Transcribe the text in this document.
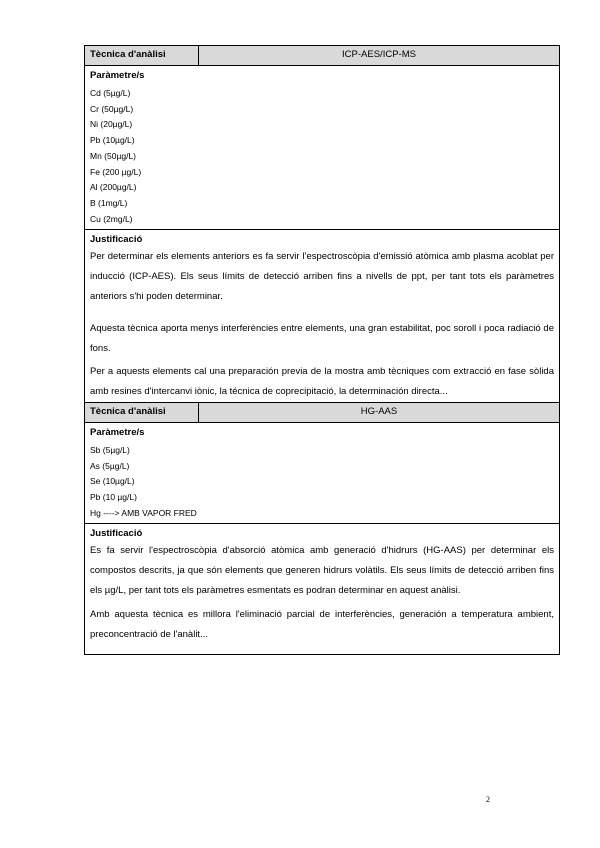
Tècnica d'anàlisi	ICP-AES/ICP-MS
Paràmetre/s
Cd (5µg/L)
Cr (50µg/L)
Ni (20µg/L)
Pb (10µg/L)
Mn (50µg/L)
Fe (200 µg/L)
Al (200µg/L)
B (1mg/L)
Cu (2mg/L)
Justificació
Per determinar els elements anteriors es fa servir l'espectroscòpia d'emissió atòmica amb plasma acoblat per inducció (ICP-AES). Els seus límits de detecció arriben fins a nivells de ppt, per tant tots els paràmetres anteriors s'hi poden determinar.
Aquesta tècnica aporta menys interferències entre elements, una gran estabilitat, poc soroll i poca radiació de fons.
Per a aquests elements cal una preparación previa de la mostra amb tècniques com extracció en fase sòlida amb resines d'intercanvi iònic, la técnica de coprecipitació, la determinación directa...
Tècnica d'anàlisi	HG-AAS
Paràmetre/s
Sb (5µg/L)
As (5µg/L)
Se (10µg/L)
Pb (10 µg/L)
Hg ----> AMB VAPOR FRED
Justificació
Es fa servir l'espectroscòpia d'absorció atòmica amb generació d'hidrurs (HG-AAS) per determinar els compostos descrits, ja que són elements que generen hidrurs volàtils. Els seus límits de detecció arriben fins els µg/L, per tant tots els paràmetres esmentats es podran determinar en aquest anàlisi.
Amb aquesta tècnica es millora l'eliminació parcial de interferències, generación a temperatura ambient, preconcentració de l'anàlit...
2
